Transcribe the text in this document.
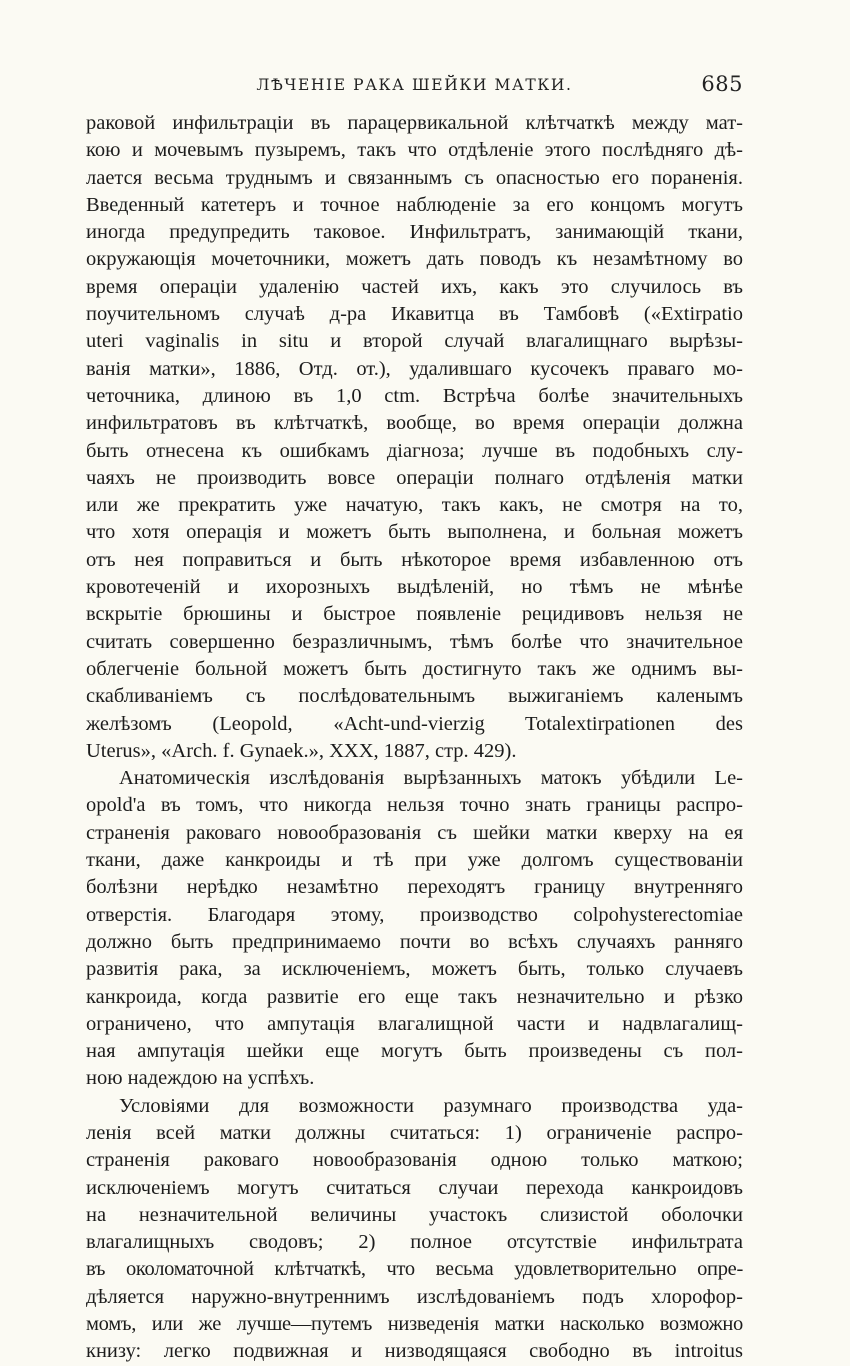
ЛѢЧЕНІЕ РАКА ШЕЙКИ МАТКИ.	685

раковой инфильтраціи въ парацервикальной клѣтчаткѣ между мат-
кою и мочевымъ пузыремъ, такъ что отдѣленіе этого послѣдняго дѣ-
лается весьма труднымъ и связаннымъ съ опасностью его пораненія.
Введенный катетеръ и точное наблюденіе за его концомъ могутъ
иногда предупредить таковое. Инфильтратъ, занимающій ткани,
окружающія мочеточники, можетъ дать поводъ къ незамѣтному во
время операціи удаленію частей ихъ, какъ это случилось въ
поучительномъ случаѣ д-ра Икавитца въ Тамбовѣ («Extirpatio
uteri vaginalis in situ и второй случай влагалищнаго вырѣзы-
ванія матки», 1886, Отд. от.), удалившаго кусочекъ праваго мо-
четочника, длиною въ 1,0 ctm. Встрѣча болѣе значительныхъ
инфильтратовъ въ клѣтчаткѣ, вообще, во время операціи должна
быть отнесена къ ошибкамъ діагноза; лучше въ подобныхъ слу-
чаяхъ не производить вовсе операціи полнаго отдѣленія матки
или же прекратить уже начатую, такъ какъ, не смотря на то,
что хотя операція и можетъ быть выполнена, и больная можетъ
отъ нея поправиться и быть нѣкоторое время избавленною отъ
кровотеченій и ихорозныхъ выдѣленій, но тѣмъ не мѣнѣе
вскрытіе брюшины и быстрое появленіе рецидивовъ нельзя не
считать совершенно безразличнымъ, тѣмъ болѣе что значительное
облегченіе больной можетъ быть достигнуто такъ же однимъ вы-
скабливаніемъ съ послѣдовательнымъ выжиганіемъ каленымъ
желѣзомъ (Leopold, «Acht-und-vierzig Totalextirpationen des
Uterus», «Arch. f. Gynaek.», XXX, 1887, стр. 429).

Анатомическія изслѣдованія вырѣзанныхъ матокъ убѣдили Le-
opold'а въ томъ, что никогда нельзя точно знать границы распро-
страненія раковаго новообразованія съ шейки матки кверху на ея
ткани, даже канкроиды и тѣ при уже долгомъ существованіи
болѣзни нерѣдко незамѣтно переходятъ границу внутренняго
отверстія. Благодаря этому, производство colpohysterectomiae
должно быть предпринимаемо почти во всѣхъ случаяхъ ранняго
развитія рака, за исключеніемъ, можетъ быть, только случаевъ
канкроида, когда развитіе его еще такъ незначительно и рѣзко
ограничено, что ампутація влагалищной части и надвлагалищ-
ная ампутація шейки еще могутъ быть произведены съ пол-
ною надеждою на успѣхъ.

Условіями для возможности разумнаго производства уда-
ленія всей матки должны считаться: 1) ограниченіе распро-
страненія раковаго новообразованія одною только маткою;
исключеніемъ могутъ считаться случаи перехода канкроидовъ
на незначительной величины участокъ слизистой оболочки
влагалищныхъ сводовъ; 2) полное отсутствіе инфильтрата
въ околоматочной клѣтчаткѣ, что весьма удовлетворительно опре-
дѣляется наружно-внутреннимъ изслѣдованіемъ подъ хлорофор-
момъ, или же лучше—путемъ низведенія матки насколько возможно
книзу: легко подвижная и низводящаяся свободно въ introitus
